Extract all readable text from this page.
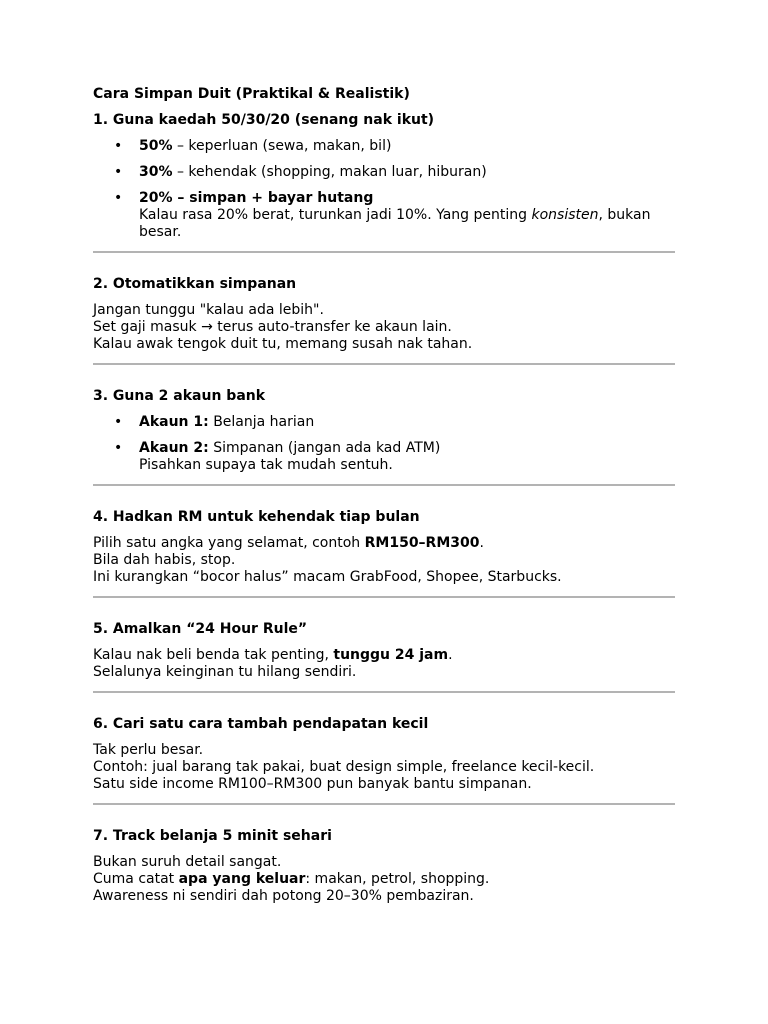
Cara Simpan Duit (Praktikal & Realistik)
1. Guna kaedah 50/30/20 (senang nak ikut)
• 50% – keperluan (sewa, makan, bil)
• 30% – kehendak (shopping, makan luar, hiburan)
• 20% – simpan + bayar hutang
Kalau rasa 20% berat, turunkan jadi 10%. Yang penting konsisten, bukan besar.
2. Otomatikkan simpanan

Jangan tunggu "kalau ada lebih".
Set gaji masuk → terus auto-transfer ke akaun lain.
Kalau awak tengok duit tu, memang susah nak tahan.

3. Guna 2 akaun bank
• Akaun 1: Belanja harian
• Akaun 2: Simpanan (jangan ada kad ATM)
Pisahkan supaya tak mudah sentuh.
4. Hadkan RM untuk kehendak tiap bulan

Pilih satu angka yang selamat, contoh RM150–RM300.
Bila dah habis, stop.
Ini kurangkan “bocor halus” macam GrabFood, Shopee, Starbucks.

5. Amalkan “24 Hour Rule”

Kalau nak beli benda tak penting, tunggu 24 jam.
Selalunya keinginan tu hilang sendiri.

6. Cari satu cara tambah pendapatan kecil

Tak perlu besar.
Contoh: jual barang tak pakai, buat design simple, freelance kecil-kecil.
Satu side income RM100–RM300 pun banyak bantu simpanan.

7. Track belanja 5 minit sehari

Bukan suruh detail sangat.
Cuma catat apa yang keluar: makan, petrol, shopping.
Awareness ni sendiri dah potong 20–30% pembaziran.
